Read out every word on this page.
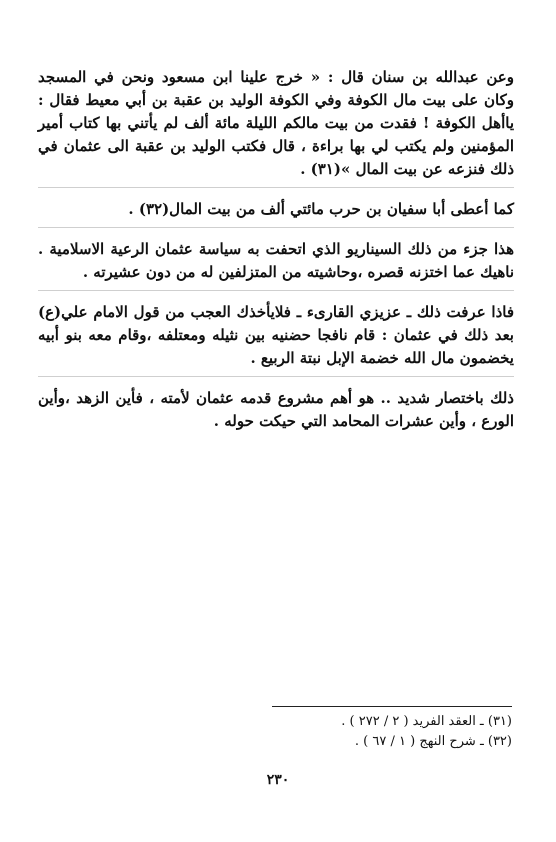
وعن عبدالله بن سنان قال : « خرج علينا ابن مسعود ونحن في المسجد وكان على بيت مال الكوفة وفي الكوفة الوليد بن عقبة بن أبي معيط فقال : ياأهل الكوفة ! فقدت من بيت مالكم الليلة مائة ألف لم يأتني بها كتاب أمير المؤمنين ولم يكتب لي بها براءة ، قال فكتب الوليد بن عقبة الى عثمان في ذلك فنزعه عن بيت المال »(٣١) .

كما أعطى أبا سفيان بن حرب مائتي ألف من بيت المال(٣٢) .

هذا جزء من ذلك السيناريو الذي اتحفت به سياسة عثمان الرعية الاسلامية . ناهيك عما اختزنه قصره ،وحاشيته من المتزلفين له من دون عشيرته .

فاذا عرفت ذلك ـ عزيزي القارىء ـ فلايأخذك العجب من قول الامام علي(ع) بعد ذلك في عثمان : قام نافجا حضنيه بين نثيله ومعتلفه ،وقام معه بنو أبيه يخضمون مال الله خضمة الإبل نبتة الربيع .

ذلك باختصار شديد .. هو أهم مشروع قدمه عثمان لأمته ، فأين الزهد ،وأين الورع ، وأين عشرات المحامد التي حيكت حوله .

(٣١) ـ العقد الفريد ( ٢ / ٢٧٢ ) .

(٣٢) ـ شرح النهج ( ١ / ٦٧ ) .

٢٣٠
